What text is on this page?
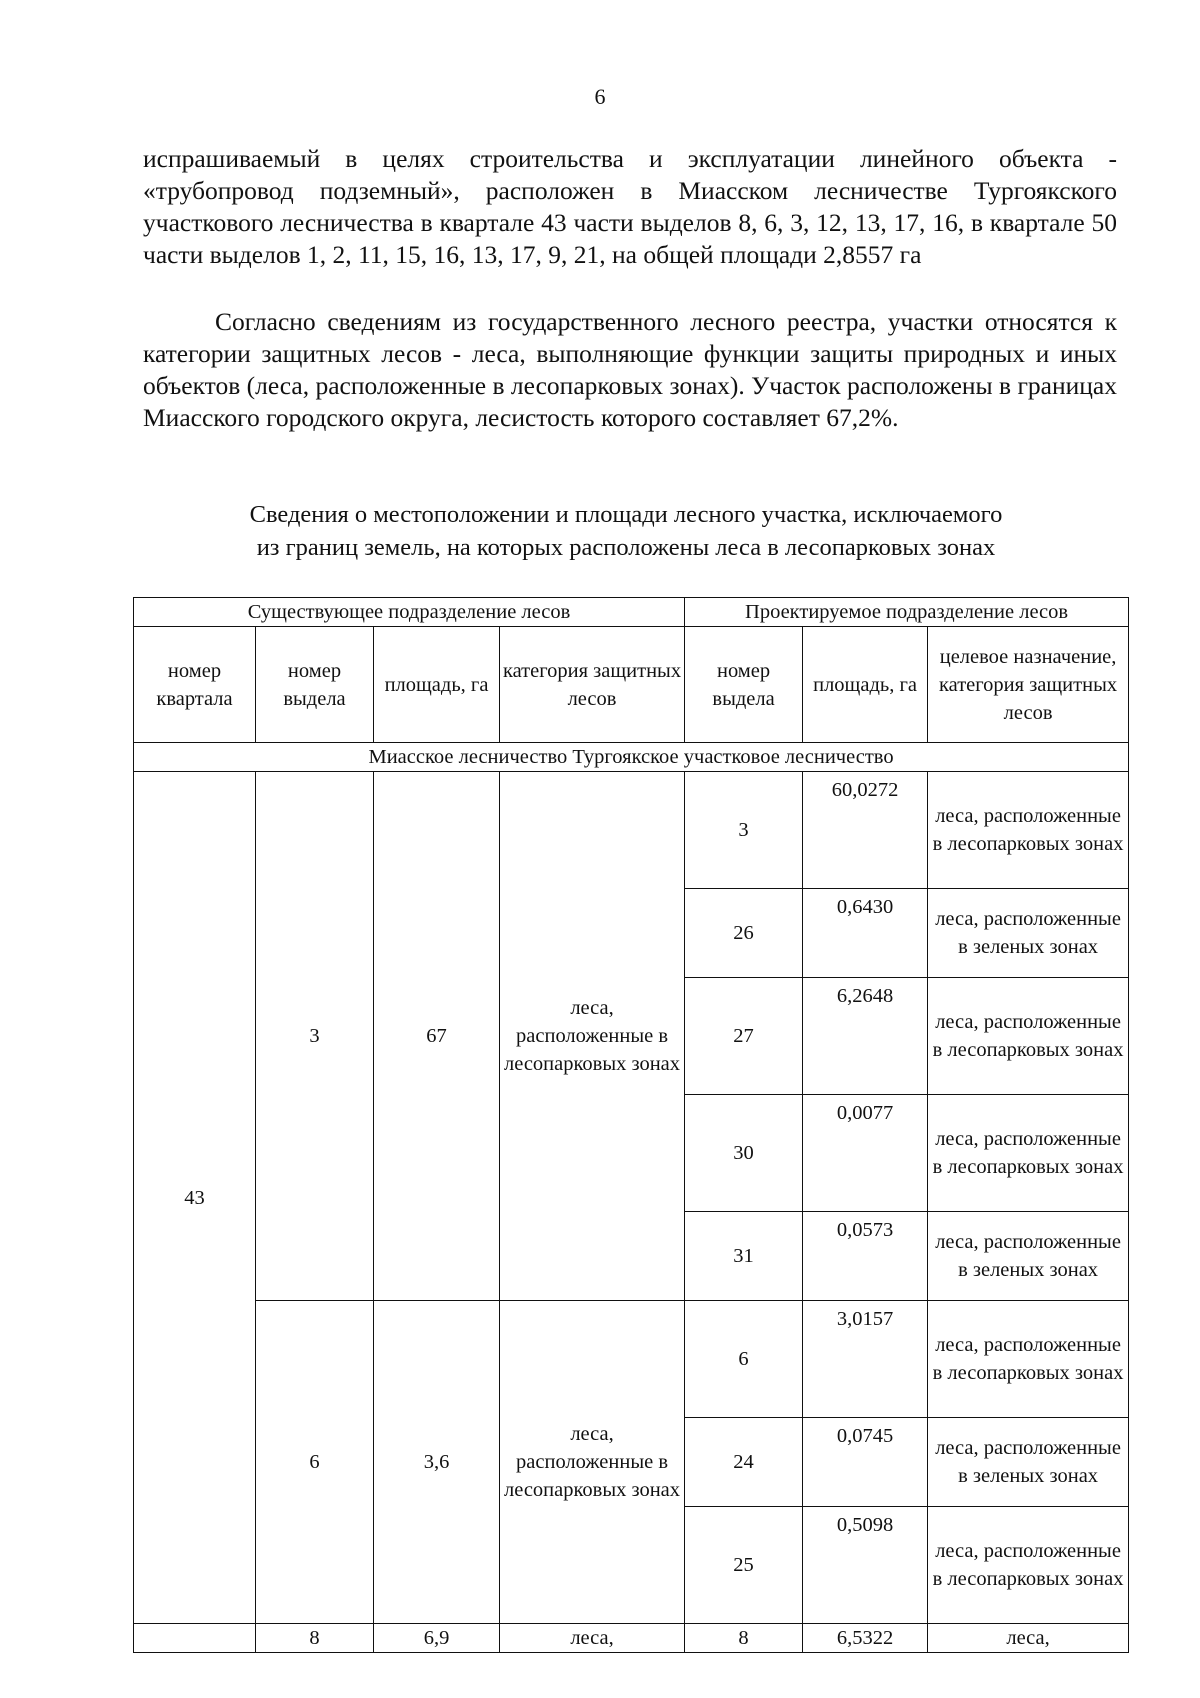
6

испрашиваемый в целях строительства и эксплуатации линейного объекта - «трубопровод подземный», расположен в Миасском лесничестве Тургоякского участкового лесничества в квартале 43 части выделов 8, 6, 3, 12, 13, 17, 16, в квартале 50 части выделов 1, 2, 11, 15, 16, 13, 17, 9, 21, на общей площади 2,8557 га

Согласно сведениям из государственного лесного реестра, участки относятся к категории защитных лесов - леса, выполняющие функции защиты природных и иных объектов (леса, расположенные в лесопарковых зонах). Участок расположены в границах Миасского городского округа, лесистость которого составляет 67,2%.

Сведения о местоположении и площади лесного участка, исключаемого
из границ земель, на которых расположены леса в лесопарковых зонах
Существующее подразделение лесов				Проектируемое подразделение лесов		
номер квартала	номер выдела	площадь, га	категория защитных лесов	номер выдела	площадь, га	целевое назначение, категория защитных лесов
Миасское лесничество Тургоякское участковое лесничество						
43	3	67	леса, расположенные в лесопарковых зонах	3	60,0272	леса, расположенные в лесопарковых зонах
				26	0,6430	леса, расположенные в зеленых зонах
				27	6,2648	леса, расположенные в лесопарковых зонах
				30	0,0077	леса, расположенные в лесопарковых зонах
				31	0,0573	леса, расположенные в зеленых зонах
	6	3,6	леса, расположенные в лесопарковых зонах	6	3,0157	леса, расположенные в лесопарковых зонах
				24	0,0745	леса, расположенные в зеленых зонах
				25	0,5098	леса, расположенные в лесопарковых зонах
	8	6,9	леса,	8	6,5322	леса,
